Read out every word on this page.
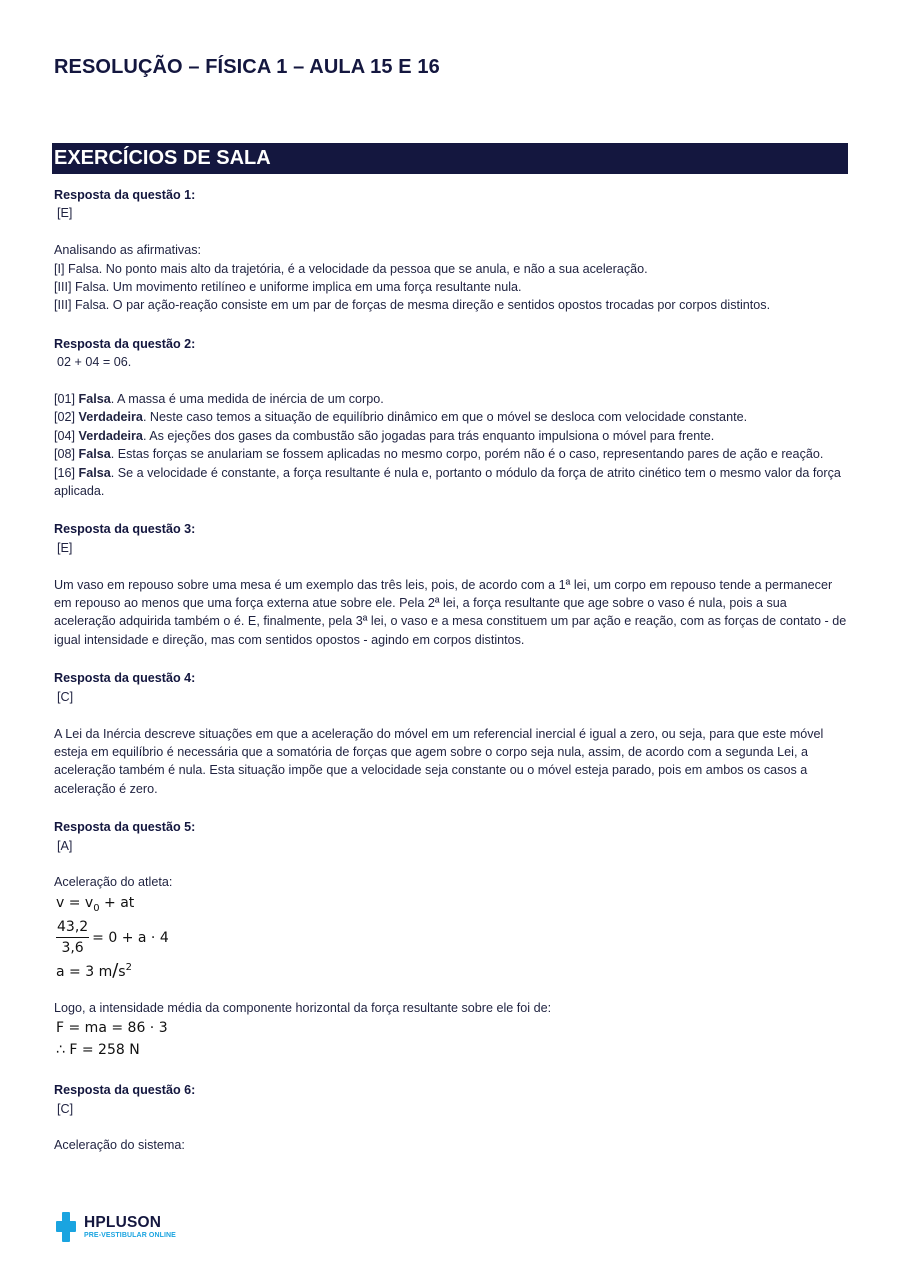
RESOLUÇÃO – FÍSICA 1 – AULA 15 E 16
EXERCÍCIOS DE SALA

Resposta da questão 1:

[E]

Analisando as afirmativas:

[I] Falsa. No ponto mais alto da trajetória, é a velocidade da pessoa que se anula, e não a sua aceleração.

[III] Falsa. Um movimento retilíneo e uniforme implica em uma força resultante nula.

[III] Falsa. O par ação-reação consiste em um par de forças de mesma direção e sentidos opostos trocadas por corpos distintos.

Resposta da questão 2:

02 + 04 = 06.

[01] Falsa. A massa é uma medida de inércia de um corpo.

[02] Verdadeira. Neste caso temos a situação de equilíbrio dinâmico em que o móvel se desloca com velocidade constante.

[04] Verdadeira. As ejeções dos gases da combustão são jogadas para trás enquanto impulsiona o móvel para frente.

[08] Falsa. Estas forças se anulariam se fossem aplicadas no mesmo corpo, porém não é o caso, representando pares de ação e reação.

[16] Falsa. Se a velocidade é constante, a força resultante é nula e, portanto o módulo da força de atrito cinético tem o mesmo valor da força aplicada.

Resposta da questão 3:

[E]

Um vaso em repouso sobre uma mesa é um exemplo das três leis, pois, de acordo com a 1ª lei, um corpo em repouso tende a permanecer em repouso ao menos que uma força externa atue sobre ele. Pela 2ª lei, a força resultante que age sobre o vaso é nula, pois a sua aceleração adquirida também o é. E, finalmente, pela 3ª lei, o vaso e a mesa constituem um par ação e reação, com as forças de contato - de igual intensidade e direção, mas com sentidos opostos - agindo em corpos distintos.

Resposta da questão 4:

[C]

A Lei da Inércia descreve situações em que a aceleração do móvel em um referencial inercial é igual a zero, ou seja, para que este móvel esteja em equilíbrio é necessária que a somatória de forças que agem sobre o corpo seja nula, assim, de acordo com a segunda Lei, a aceleração também é nula. Esta situação impõe que a velocidade seja constante ou o móvel esteja parado, pois em ambos os casos a aceleração é zero.

Resposta da questão 5:

[A]

Aceleração do atleta:

$v = v_0$ + at
$\frac{43,2}{3,6} = 0 + a \cdot 4$
a = 3 $m/s^2$

Logo, a intensidade média da componente horizontal da força resultante sobre ele foi de:

F = ma = 86 · 3
∴ F = 258 N

Resposta da questão 6:

[C]

Aceleração do sistema:

HPLUSON
PRE-VESTIBULAR ONLINE
